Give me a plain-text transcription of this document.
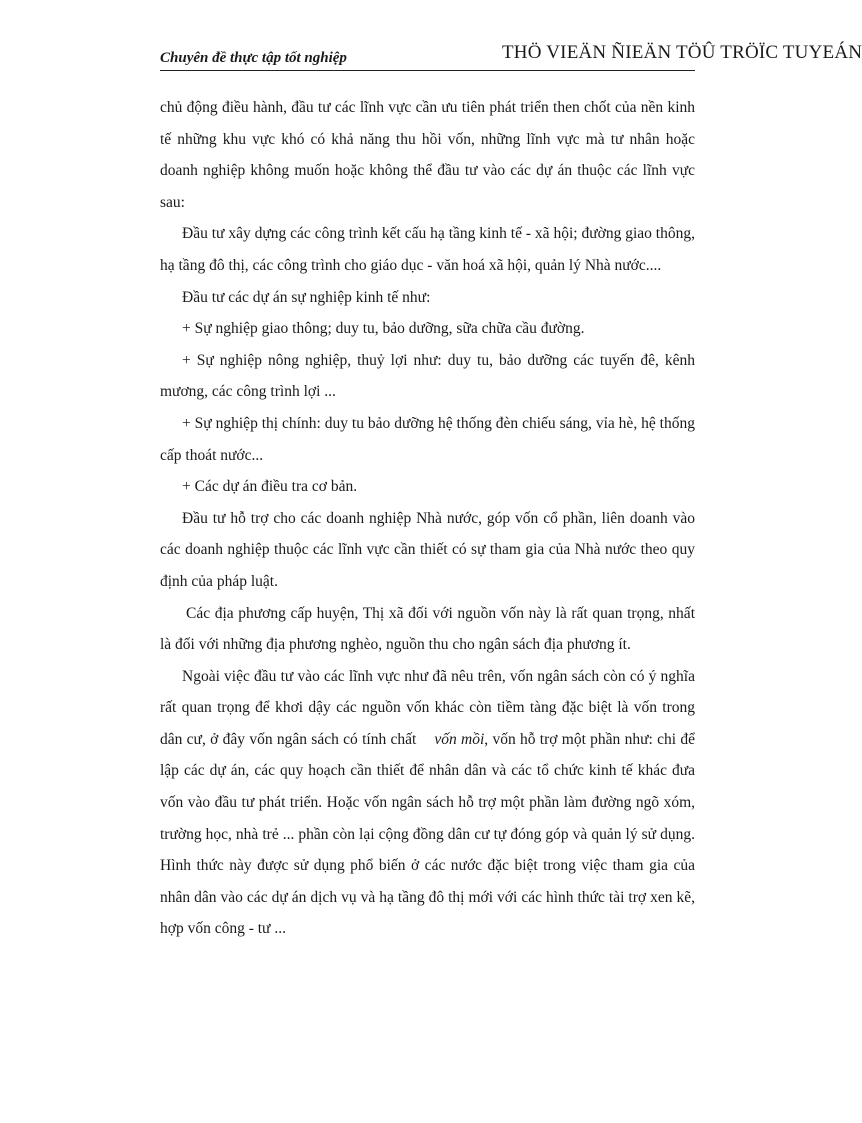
Chuyên đề thực tập tốt nghiệp	THÖ VIEÄN ÑIEÄN TÖÛ TRÖÏC TUYEÁN

chủ động điều hành, đầu tư các lĩnh vực cần ưu tiên phát triển then chốt của nền kinh tế những khu vực khó có khả năng thu hồi vốn, những lĩnh vực mà tư nhân hoặc doanh nghiệp không muốn hoặc không thể đầu tư vào các dự án thuộc các lĩnh vực sau:

Đầu tư xây dựng các công trình kết cấu hạ tầng kinh tế - xã hội; đường giao thông, hạ tầng đô thị, các công trình cho giáo dục - văn hoá xã hội, quản lý Nhà nước....

Đầu tư các dự án sự nghiệp kinh tế như:

+ Sự nghiệp giao thông; duy tu, bảo dưỡng, sữa chữa cầu đường.

+ Sự nghiệp nông nghiệp, thuỷ lợi như: duy tu, bảo dưỡng các tuyến đê, kênh mương, các công trình lợi ...

+ Sự nghiệp thị chính: duy tu bảo dưỡng hệ thống đèn chiếu sáng, vỉa hè, hệ thống cấp thoát nước...

+ Các dự án điều tra cơ bản.

Đầu tư hỗ trợ cho các doanh nghiệp Nhà nước, góp vốn cổ phần, liên doanh vào các doanh nghiệp thuộc các lĩnh vực cần thiết có sự tham gia của Nhà nước theo quy định của pháp luật.

Các địa phương cấp huyện, Thị xã đối với nguồn vốn này là rất quan trọng, nhất là đối với những địa phương nghèo, nguồn thu cho ngân sách địa phương ít.

Ngoài việc đầu tư vào các lĩnh vực như đã nêu trên, vốn ngân sách còn có ý nghĩa rất quan trọng để khơi dậy các nguồn vốn khác còn tiềm tàng đặc biệt là vốn trong dân cư, ở đây vốn ngân sách có tính chất vốn mồi, vốn hỗ trợ một phần như: chi để lập các dự án, các quy hoạch cần thiết để nhân dân và các tổ chức kinh tế khác đưa vốn vào đầu tư phát triển. Hoặc vốn ngân sách hỗ trợ một phần làm đường ngõ xóm, trường học, nhà trẻ ... phần còn lại cộng đồng dân cư tự đóng góp và quản lý sử dụng. Hình thức này được sử dụng phổ biến ở các nước đặc biệt trong việc tham gia của nhân dân vào các dự án dịch vụ và hạ tầng đô thị mới với các hình thức tài trợ xen kẽ, hợp vốn công - tư ...
